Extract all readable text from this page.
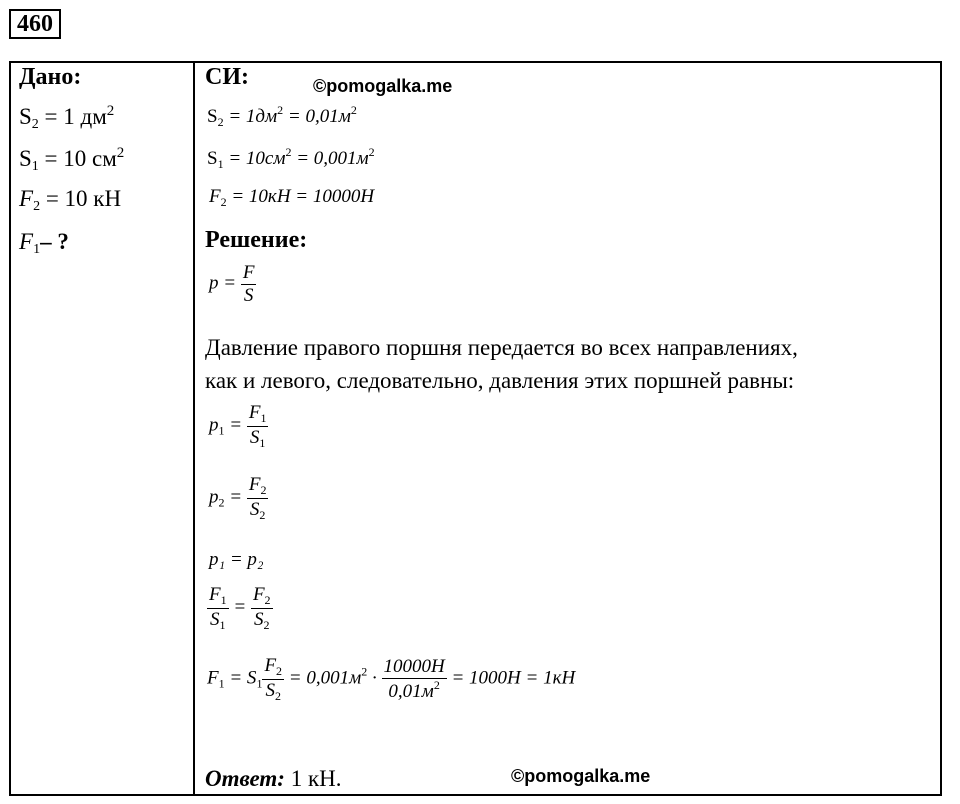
460
Дано:
$S_2 = 1$ $дм^2$
$S_1 = 10$ $см^2$
$F_2 = 10$ кН
$F_1-$ ?
СИ:	©pomogalka.me
$S_2 = 1дм^2 = 0,01м^2$
$S_1 = 10см^2 = 0,001м^2$
$F_2 = 10кН = 10000Н$
Решение:
$p = \frac{F}{S}$
Давление правого поршня передается во всех направлениях,
как и левого, следовательно, давления этих поршней равны:
$p_1 = \frac{F_1}{S_1}$
$p_2 = \frac{F_2}{S_2}$
p₁ = p₂
$\frac{F_1}{S_1} = \frac{F_2}{S_2}$
$F_1 = S_1 \frac{F_2}{S_2} = 0,001м^2 \cdot \frac{10000Н}{0,01м^2} = 1000Н = 1кН$
Ответ: 1 кН.	©pomogalka.me
